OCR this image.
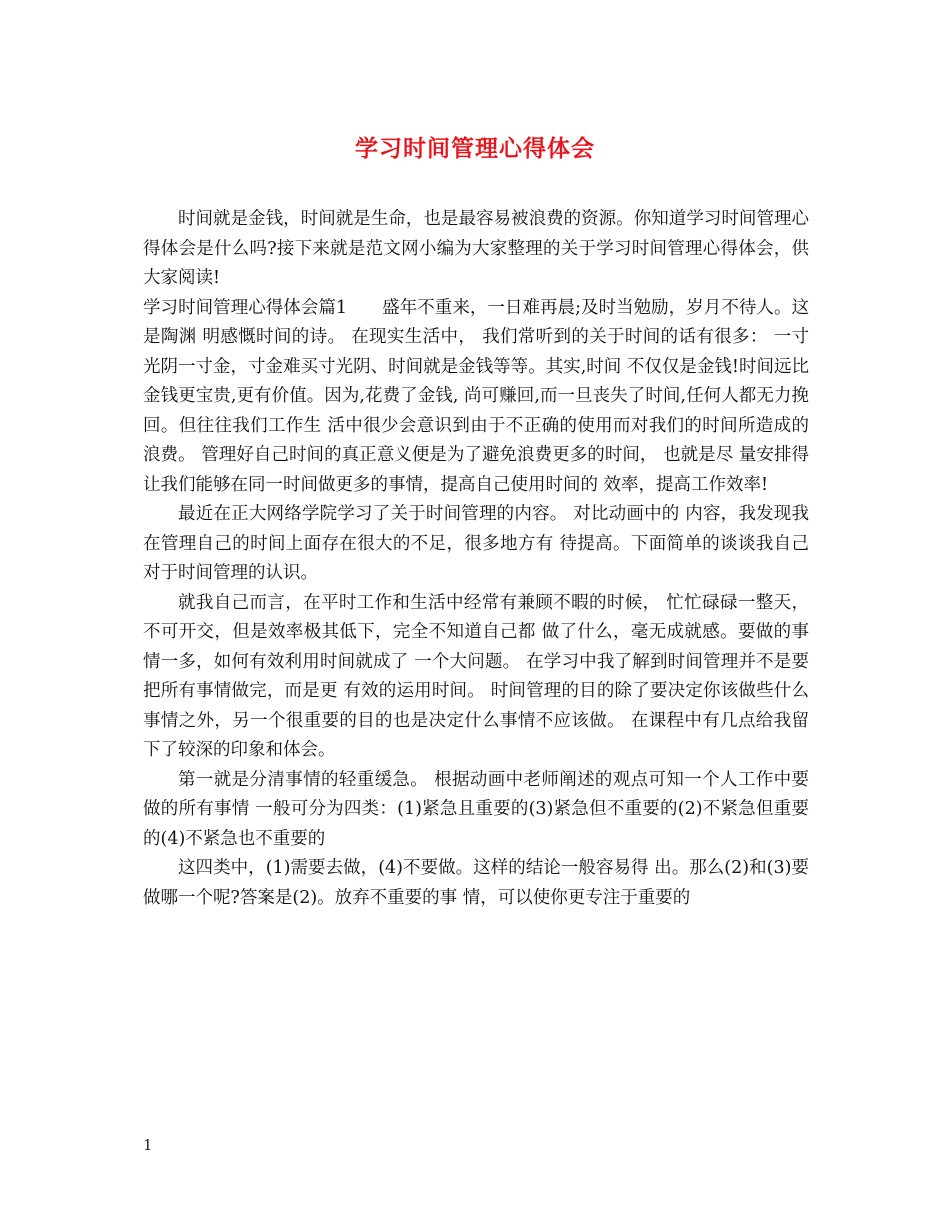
学习时间管理心得体会

时间就是金钱，时间就是生命，也是最容易被浪费的资源。你知道学习时间管理心得体会是什么吗?接下来就是范文网小编为大家整理的关于学习时间管理心得体会，供大家阅读!

学习时间管理心得体会篇1　　盛年不重来，一日难再晨;及时当勉励，岁月不待人。这是陶渊 明感慨时间的诗。 在现实生活中， 我们常听到的关于时间的话有很多： 一寸光阴一寸金，寸金难买寸光阴、时间就是金钱等等。其实,时间 不仅仅是金钱!时间远比金钱更宝贵,更有价值。因为,花费了金钱, 尚可赚回,而一旦丧失了时间,任何人都无力挽回。但往往我们工作生 活中很少会意识到由于不正确的使用而对我们的时间所造成的浪费。 管理好自己时间的真正意义便是为了避免浪费更多的时间， 也就是尽 量安排得让我们能够在同一时间做更多的事情，提高自己使用时间的 效率，提高工作效率!

最近在正大网络学院学习了关于时间管理的内容。 对比动画中的 内容，我发现我在管理自己的时间上面存在很大的不足，很多地方有 待提高。下面简单的谈谈我自己对于时间管理的认识。

就我自己而言，在平时工作和生活中经常有兼顾不暇的时候， 忙忙碌碌一整天，不可开交，但是效率极其低下，完全不知道自己都 做了什么，毫无成就感。要做的事情一多，如何有效利用时间就成了 一个大问题。 在学习中我了解到时间管理并不是要把所有事情做完，而是更 有效的运用时间。 时间管理的目的除了要决定你该做些什么事情之外，另一个很重要的目的也是决定什么事情不应该做。 在课程中有几点给我留下了较深的印象和体会。

第一就是分清事情的轻重缓急。 根据动画中老师阐述的观点可知一个人工作中要做的所有事情 一般可分为四类：(1)紧急且重要的(3)紧急但不重要的(2)不紧急但重要的(4)不紧急也不重要的

这四类中，(1)需要去做，(4)不要做。这样的结论一般容易得 出。那么(2)和(3)要做哪一个呢?答案是(2)。放弃不重要的事 情，可以使你更专注于重要的

1
